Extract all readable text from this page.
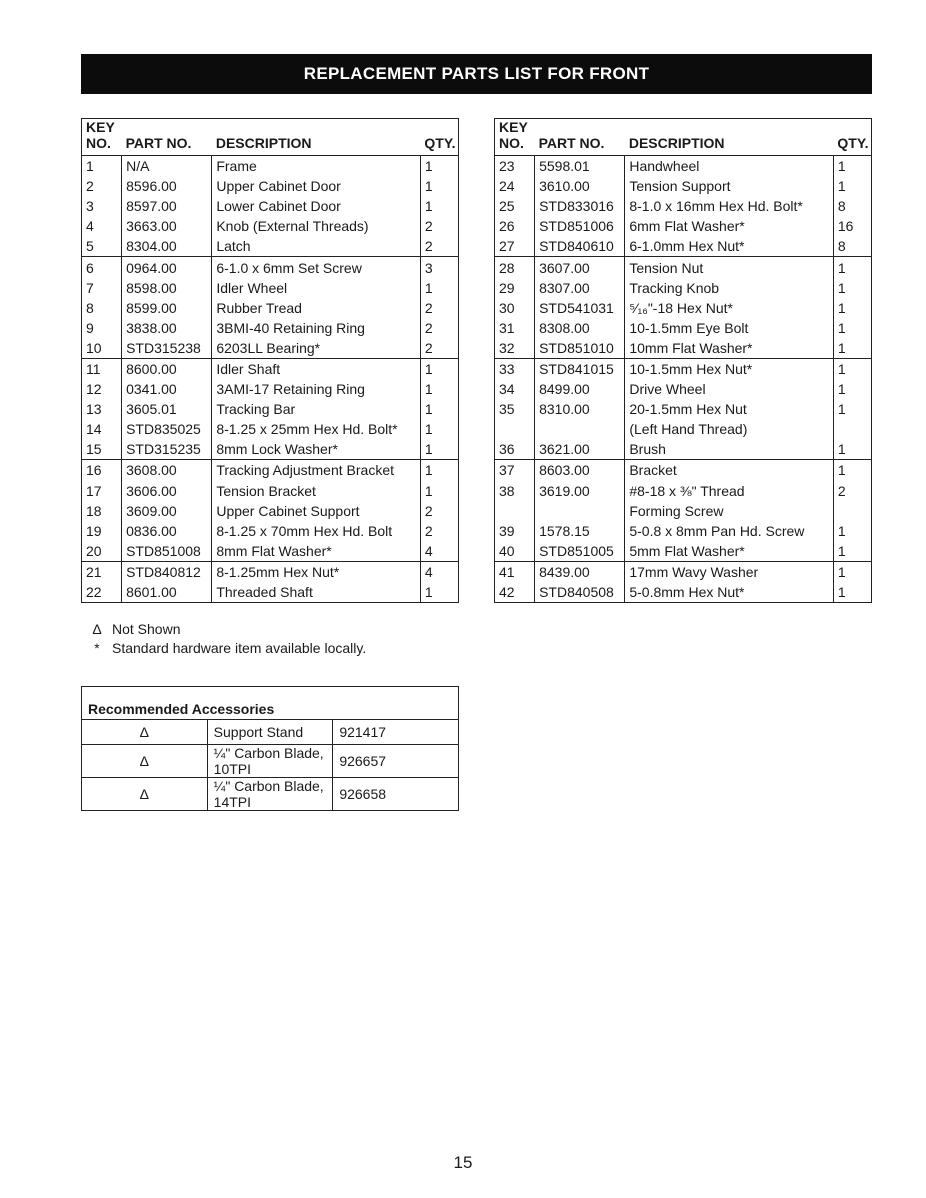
REPLACEMENT PARTS LIST FOR FRONT
KEY
NO.	PART NO.	DESCRIPTION	QTY.
1	N/A	Frame	1
2	8596.00	Upper Cabinet Door	1
3	8597.00	Lower Cabinet Door	1
4	3663.00	Knob (External Threads)	2
5	8304.00	Latch	2
6	0964.00	6-1.0 x 6mm Set Screw	3
7	8598.00	Idler Wheel	1
8	8599.00	Rubber Tread	2
9	3838.00	3BMI-40 Retaining Ring	2
10	STD315238	6203LL Bearing*	2
11	8600.00	Idler Shaft	1
12	0341.00	3AMI-17 Retaining Ring	1
13	3605.01	Tracking Bar	1
14	STD835025	8-1.25 x 25mm Hex Hd. Bolt*	1
15	STD315235	8mm Lock Washer*	1
16	3608.00	Tracking Adjustment Bracket	1
17	3606.00	Tension Bracket	1
18	3609.00	Upper Cabinet Support	2
19	0836.00	8-1.25 x 70mm Hex Hd. Bolt	2
20	STD851008	8mm Flat Washer*	4
21	STD840812	8-1.25mm Hex Nut*	4
22	8601.00	Threaded Shaft	1
KEY
NO.	PART NO.	DESCRIPTION	QTY.
23	5598.01	Handwheel	1
24	3610.00	Tension Support	1
25	STD833016	8-1.0 x 16mm Hex Hd. Bolt*	8
26	STD851006	6mm Flat Washer*	16
27	STD840610	6-1.0mm Hex Nut*	8
28	3607.00	Tension Nut	1
29	8307.00	Tracking Knob	1
30	STD541031	⁵⁄₁₆"-18 Hex Nut*	1
31	8308.00	10-1.5mm Eye Bolt	1
32	STD851010	10mm Flat Washer*	1
33	STD841015	10-1.5mm Hex Nut*	1
34	8499.00	Drive Wheel	1
35	8310.00	20-1.5mm Hex Nut	1
		(Left Hand Thread)	
36	3621.00	Brush	1
37	8603.00	Bracket	1
38	3619.00	#8-18 x ⅜" Thread	2
		Forming Screw	
39	1578.15	5-0.8 x 8mm Pan Hd. Screw	1
40	STD851005	5mm Flat Washer*	1
41	8439.00	17mm Wavy Washer	1
42	STD840508	5-0.8mm Hex Nut*	1
Δ Not Shown
* Standard hardware item available locally.
Recommended Accessories		
Δ	Support Stand	921417
Δ	¼" Carbon Blade, 10TPI	926657
Δ	¼" Carbon Blade, 14TPI	926658
15
